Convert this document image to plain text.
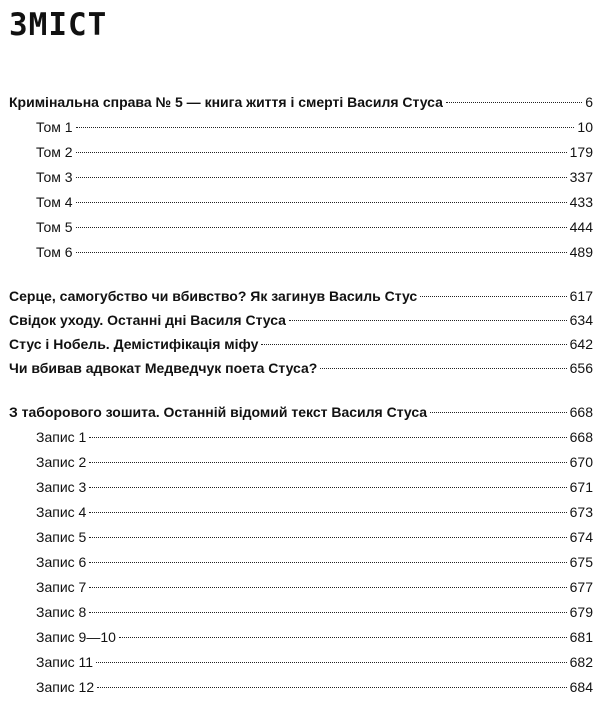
ЗМІСТ
Кримінальна справа № 5 — книга життя і смерті Василя Стуса	6
Том 1	10
Том 2	179
Том 3	337
Том 4	433
Том 5	444
Том 6	489
Серце, самогубство чи вбивство? Як загинув Василь Стус	617
Свідок уходу. Останні дні Василя Стуса	634
Стус і Нобель. Деміcтифікація міфу	642
Чи вбивав адвокат Медведчук поета Стуса?	656
З таборового зошита. Останній відомий текст Василя Стуса	668
Запис 1	668
Запис 2	670
Запис 3	671
Запис 4	673
Запис 5	674
Запис 6	675
Запис 7	677
Запис 8	679
Запис 9—10	681
Запис 11	682
Запис 12	684
